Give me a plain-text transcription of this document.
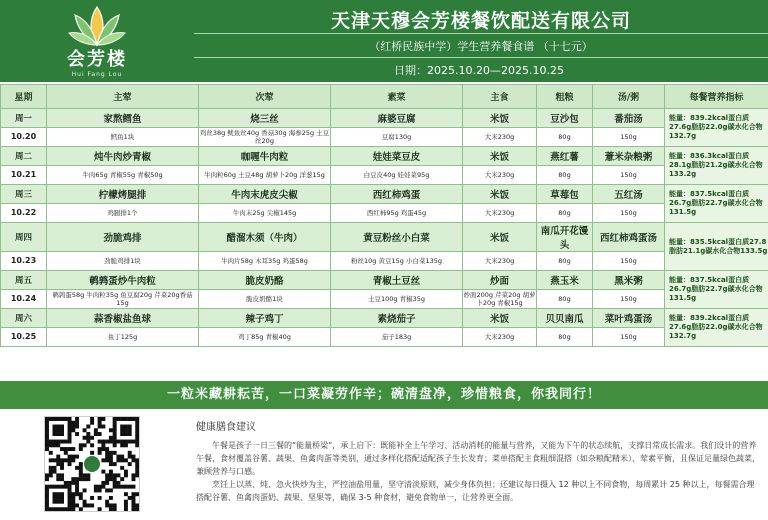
会芳楼
Hui Fang Lou
天津天穆会芳楼餐饮配送有限公司
（红桥民族中学）学生营养餐食谱 （十七元）
日期：2025.10.20—2025.10.25
星期	主荤	次荤	素菜	主食	粗粮	汤/粥	每餐营养指标
周一	家熬鳕鱼	烧三丝	麻婆豆腐	米饭	豆沙包	番茄汤	能量：839.2kcal蛋白质27.6g脂肪22.0g碳水化合物132.7g
10.20	鳕鱼1块	鸡丝38g 鱿鱼丝40g 香菇30g 海参25g 土豆丝20g	豆腐130g	大米230g	80g	150g	
周二	炖牛肉炒青椒	咖喱牛肉粒	娃娃菜豆皮	米饭	燕红薯	薏米杂粮粥	能量：836.3kcal蛋白质28.1g脂肪21.2g碳水化合物133.2g
10.21	牛肉65g 青椒55g 青椒50g	牛肉粒60g 土豆48g 胡萝卜20g 洋葱15g	白豆皮40g 娃娃菜95g	大米230g	80g	150g	
周三	柠檬烤腿排	牛肉末虎皮尖椒	西红柿鸡蛋	米饭	草莓包	五红汤	能量：837.5kcal蛋白质26.7g脂肪22.7g碳水化合物131.5g
10.22	鸡腿排1个	牛肉末25g 尖椒145g	西红柿95g 鸡蛋45g	大米230g	80g	150g	
周四	劲脆鸡排	醋溜木须（牛肉）	黄豆粉丝小白菜	米饭	南瓜开花馒头	西红柿鸡蛋汤	能量：835.5kcal蛋白质27.8脂肪21.1g碳水化合物133.5g
10.23	劲脆鸡排1块	牛肉片58g 木耳35g 鸡蛋58g	粉丝10g 黄豆15g 小白菜135g	大米230g	80g	150g	
周五	鹌鹑蛋炒牛肉粒	脆皮奶酪	青椒土豆丝	炒面	燕玉米	黑米粥	能量：837.5kcal蛋白质26.7g脂肪22.7g碳水化合物131.5g
10.24	鹌鹑蛋58g 牛肉粒35g 鱼豆腐20g 芹菜20g香菇15g	脆皮奶酪1块	土豆100g 青椒35g	炒面200g 芹菜20g 胡萝卜20g 青椒15g	80g	150g	
周六	蒜香椒盐鱼球	辣子鸡丁	素烧茄子	米饭	贝贝南瓜	菜叶鸡蛋汤	能量：839.2kcal蛋白质27.6g脂肪22.0g碳水化合物132.7g
10.25	鱼丁125g	鸡丁85g 青椒40g	茄子183g	大米230g	80g	150g	
一粒米藏耕耘苦，一口菜凝劳作辛；碗清盘净，珍惜粮食，你我同行！
健康膳食建议

午餐是孩子一日三餐的“能量桥梁”，承上启下：既能补全上午学习、活动消耗的能量与营养，又能为下午的状态续航，支撑日常成长需求。我们设计的营养午餐，食材覆盖谷薯、蔬果、鱼禽肉蛋等类别，通过多样化搭配适配孩子生长发育；菜单搭配主食粗细混搭（如杂粮配精米）、荤素平衡，且保证足量绿色蔬菜，兼顾营养与口感。

烹饪上以蒸、炖、急火快炒为主，严控油盐用量，坚守清淡原则，减少身体负担；还建议每日摄入 12 种以上不同食物，每周累计 25 种以上，每餐需合理搭配谷薯、鱼禽肉蛋奶、蔬果、坚果等，确保 3-5 种食材，避免食物单一，让营养更全面。
